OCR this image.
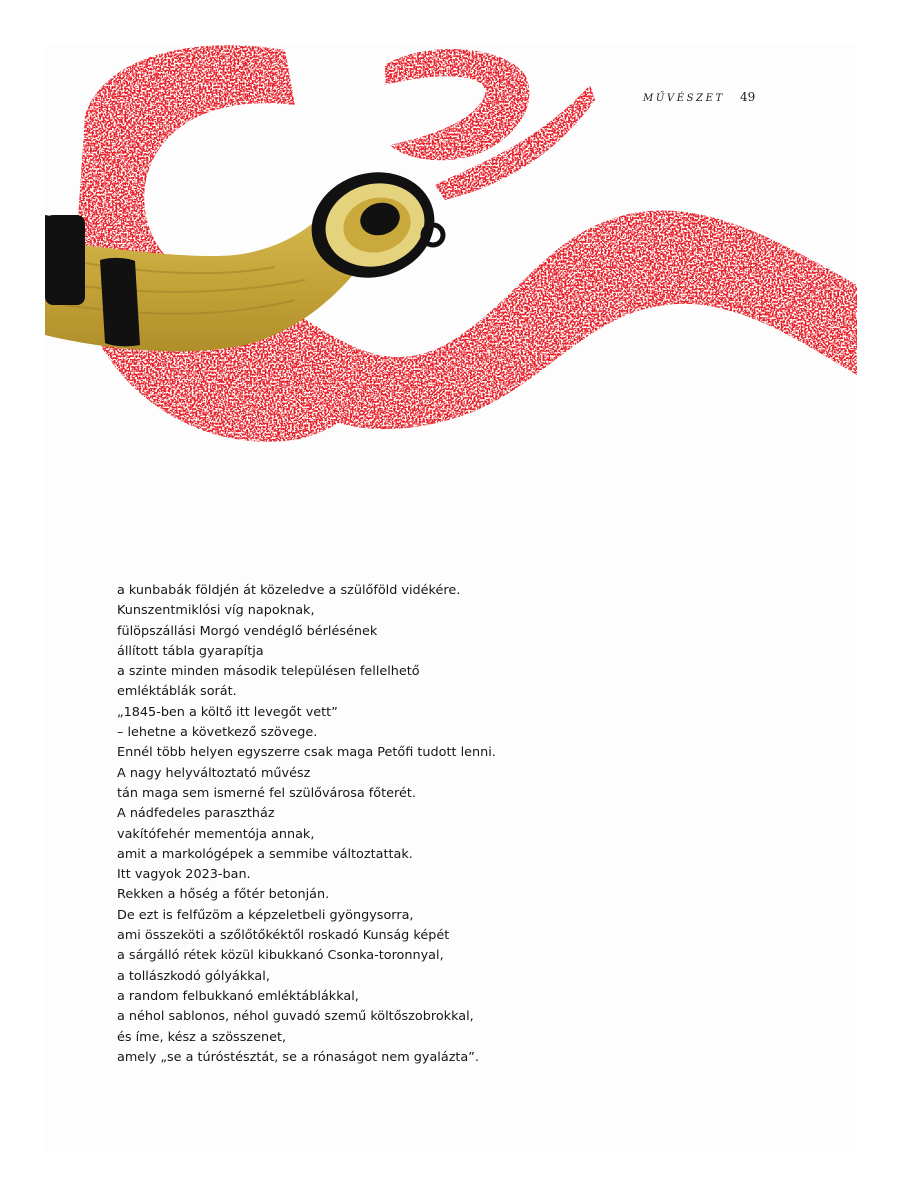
MŰVÉSZET 49
a kunbabák földjén át közeledve a szülőföld vidékére.
Kunszentmiklósi víg napoknak,
fülöpszállási Morgó vendéglő bérlésének
állított tábla gyarapítja
a szinte minden második településen fellelhető
emléktáblák sorát.
„1845-ben a költő itt levegőt vett”
– lehetne a következő szövege.
Ennél több helyen egyszerre csak maga Petőfi tudott lenni.
A nagy helyváltoztató művész
tán maga sem ismerné fel szülővárosa főterét.
A nádfedeles parasztház
vakítófehér mementója annak,
amit a markológépek a semmibe változtattak.
Itt vagyok 2023-ban.
Rekken a hőség a főtér betonján.
De ezt is felfűzöm a képzeletbeli gyöngysorra,
ami összeköti a szőlőtőkéktől roskadó Kunság képét
a sárgálló rétek közül kibukkanó Csonka-toronnyal,
a tollászkodó gólyákkal,
a random felbukkanó emléktáblákkal,
a néhol sablonos, néhol guvadó szemű költőszobrokkal,
és íme, kész a szösszenet,
amely „se a túróstésztát, se a rónaságot nem gyalázta”.
